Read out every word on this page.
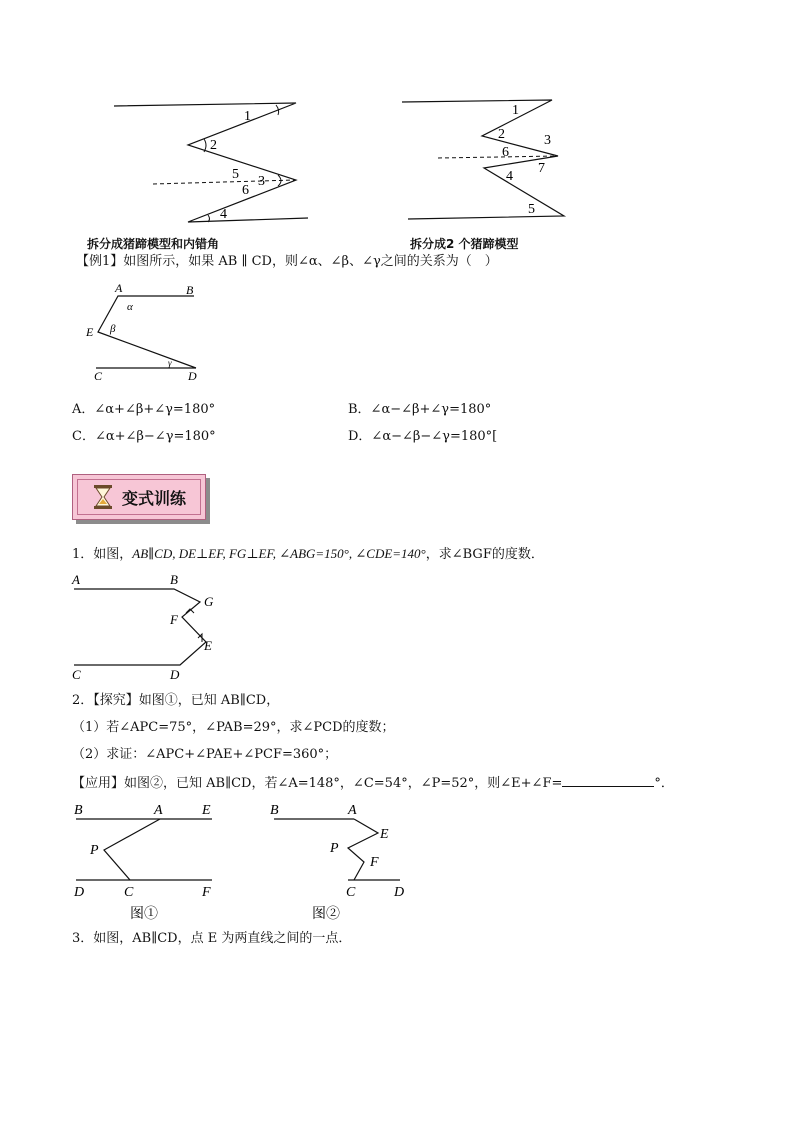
1
2
5 3
6
4
拆分成猪蹄模型和内错角
1
2	3
6
7
4
5
拆分成2 个猪蹄模型
【例1】如图所示，如果 AB ∥ CD，则∠α、∠β、∠γ之间的关系为（　）
A	B
α
E β
C	D
γ
A．∠α+∠β+∠γ=180°	B．∠α−∠β+∠γ=180°
C．∠α+∠β−∠γ=180°	D．∠α−∠β−∠γ=180°[
变式训练
1．如图，AB∥CD, DE⊥EF, FG⊥EF, ∠ABG=150°, ∠CDE=140°，求∠BGF的度数．
A	B
G
F
E
C	D
2．【探究】如图①，已知 AB∥CD，
（1）若∠APC=75°，∠PAB=29°，求∠PCD的度数；
（2）求证：∠APC+∠PAE+∠PCF=360°；
【应用】如图②，已知 AB∥CD，若∠A=148°，∠C=54°，∠P=52°，则∠E+∠F=	°．
B	A	E
P
D	C	F
图①
B	A
E
P
F
C	D
图②
3．如图，AB∥CD，点 E 为两直线之间的一点．
